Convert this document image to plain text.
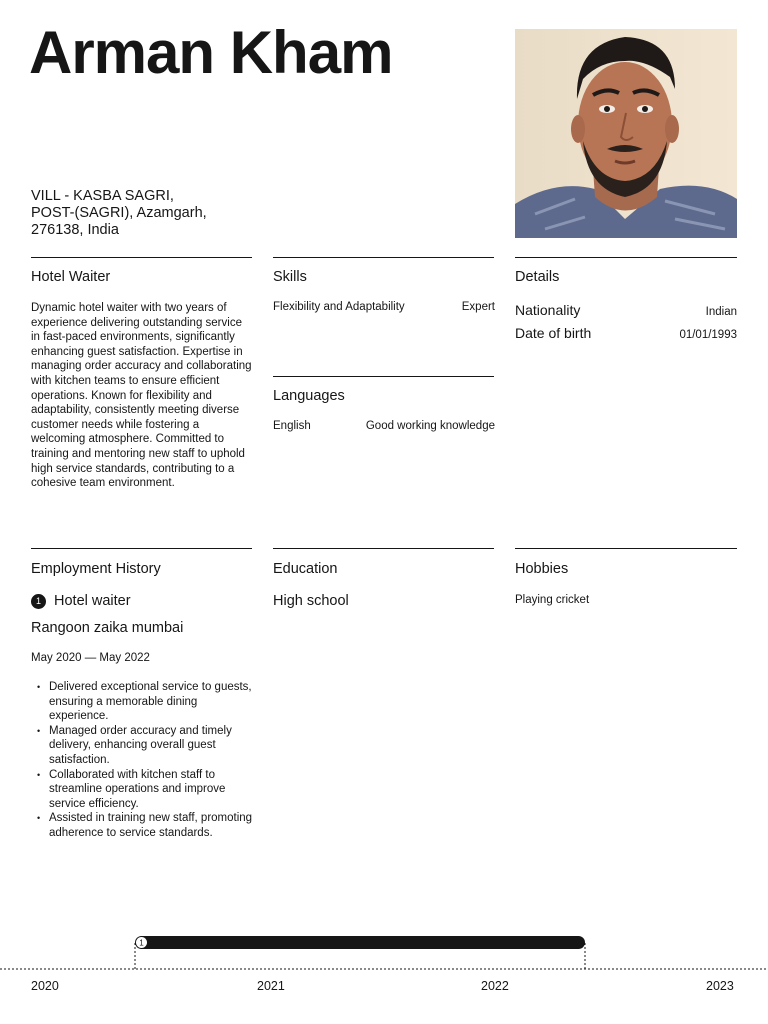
Arman Kham
VILL - KASBA SAGRI,
POST-(SAGRI), Azamgarh,
276138, India
Hotel Waiter
Dynamic hotel waiter with two years of experience delivering outstanding service in fast-paced environments, significantly enhancing guest satisfaction. Expertise in managing order accuracy and collaborating with kitchen teams to ensure efficient operations. Known for flexibility and adaptability, consistently meeting diverse customer needs while fostering a welcoming atmosphere. Committed to training and mentoring new staff to uphold high service standards, contributing to a cohesive team environment.
Skills
Flexibility and Adaptability	Expert
Languages
English	Good working knowledge
Details
Nationality	Indian
Date of birth	01/01/1993
Employment History
1 Hotel waiter
Rangoon zaika mumbai
May 2020 — May 2022
• Delivered exceptional service to guests, ensuring a memorable dining experience.
• Managed order accuracy and timely delivery, enhancing overall guest satisfaction.
• Collaborated with kitchen staff to streamline operations and improve service efficiency.
• Assisted in training new staff, promoting adherence to service standards.
Education
High school
Hobbies
Playing cricket
1
2020	2021	2022	2023
